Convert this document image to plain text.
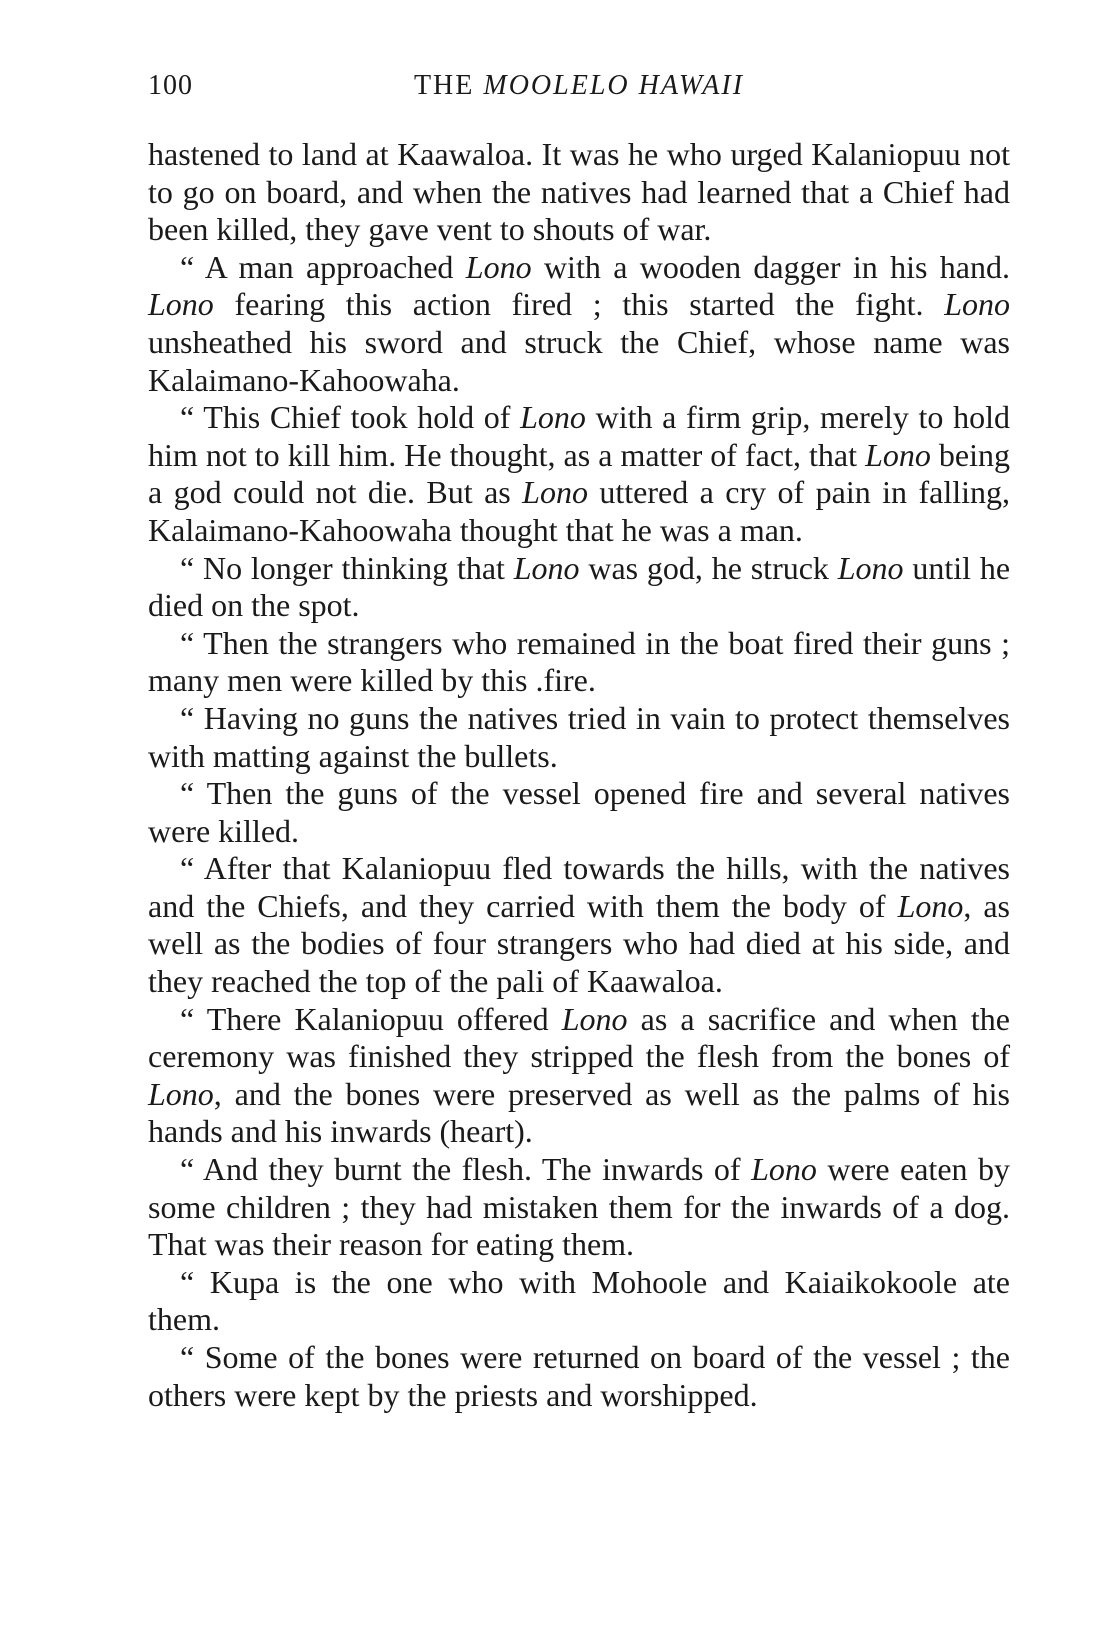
100	THE MOOLELO HAWAII

hastened to land at Kaawaloa. It was he who urged Kalaniopuu not to go on board, and when the natives had learned that a Chief had been killed, they gave vent to shouts of war.

“ A man approached Lono with a wooden dagger in his hand. Lono fearing this action fired ; this started the fight. Lono unsheathed his sword and struck the Chief, whose name was Kalaimano-Kahoowaha.

“ This Chief took hold of Lono with a firm grip, merely to hold him not to kill him. He thought, as a matter of fact, that Lono being a god could not die. But as Lono uttered a cry of pain in falling, Kalaimano-Kahoowaha thought that he was a man.

“ No longer thinking that Lono was god, he struck Lono until he died on the spot.

“ Then the strangers who remained in the boat fired their guns ; many men were killed by this .fire.

“ Having no guns the natives tried in vain to protect themselves with matting against the bullets.

“ Then the guns of the vessel opened fire and several natives were killed.

“ After that Kalaniopuu fled towards the hills, with the natives and the Chiefs, and they carried with them the body of Lono, as well as the bodies of four strangers who had died at his side, and they reached the top of the pali of Kaawaloa.

“ There Kalaniopuu offered Lono as a sacrifice and when the ceremony was finished they stripped the flesh from the bones of Lono, and the bones were preserved as well as the palms of his hands and his inwards (heart).

“ And they burnt the flesh. The inwards of Lono were eaten by some children ; they had mistaken them for the inwards of a dog. That was their reason for eating them.

“ Kupa is the one who with Mohoole and Kaiaikokoole ate them.

“ Some of the bones were returned on board of the vessel ; the others were kept by the priests and worshipped.
